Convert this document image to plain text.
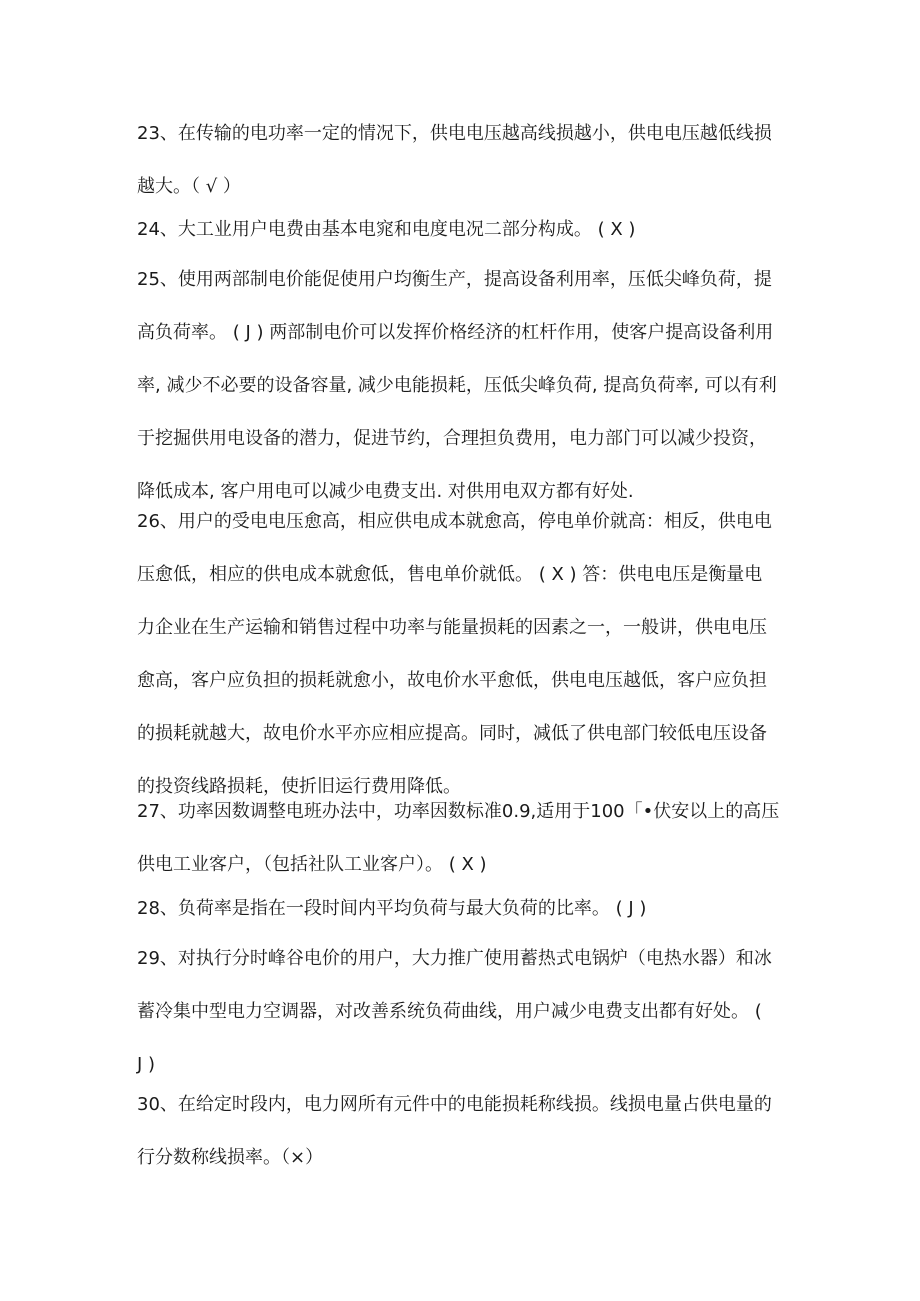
23、在传输的电功率一定的情况下，供电电压越高线损越小，供电电压越低线损

越大。（ √ ）

24、大工业用户电费由基本电窕和电度电况二部分构成。 ( X )

25、使用两部制电价能促使用户均衡生产，提高设备利用率，压低尖峰负荷，提

高负荷率。 ( J ) 两部制电价可以发挥价格经济的杠杆作用，使客户提高设备利用

率, 减少不必要的设备容量, 减少电能损耗，压低尖峰负荷, 提高负荷率, 可以有利

于挖掘供用电设备的潜力，促进节约，合理担负费用，电力部门可以减少投资，

降低成本, 客户用电可以减少电费支出. 对供用电双方都有好处.

26、用户的受电电压愈高，相应供电成本就愈高，停电单价就高：相反，供电电

压愈低，相应的供电成本就愈低，售电单价就低。 ( X ) 答：供电电压是衡量电

力企业在生产运输和销售过程中功率与能量损耗的因素之一，一般讲，供电电压

愈高，客户应负担的损耗就愈小，故电价水平愈低，供电电压越低，客户应负担

的损耗就越大，故电价水平亦应相应提高。同时，减低了供电部门较低电压设备

的投资线路损耗，使折旧运行费用降低。

27、功率因数调整电班办法中，功率因数标准0.9,适用于100「•伏安以上的高压

供电工业客户，（包括社队工业客户）。 ( X )

28、负荷率是指在一段时间内平均负荷与最大负荷的比率。 ( J )

29、对执行分时峰谷电价的用户，大力推广使用蓄热式电锅炉（电热水器）和冰

蓄冷集中型电力空调器，对改善系统负荷曲线，用户减少电费支出都有好处。 (

J )

30、在给定时段内，电力网所有元件中的电能损耗称线损。线损电量占供电量的

行分数称线损率。（×）
